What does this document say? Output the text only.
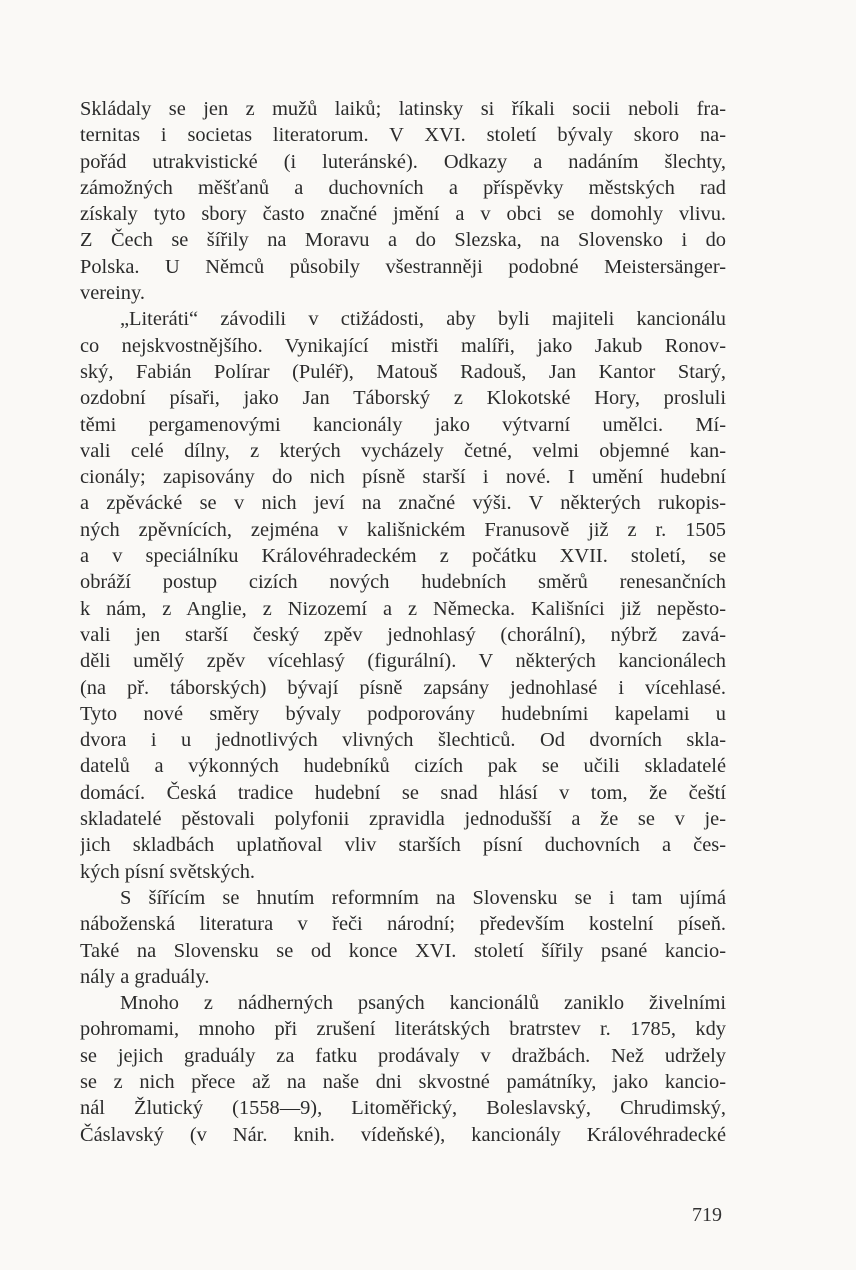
Skládaly se jen z mužů laiků; latinsky si říkali socii neboli fra-
ternitas i societas literatorum. V XVI. století bývaly skoro na-
pořád utrakvistické (i luteránské). Odkazy a nadáním šlechty,
zámožných měšťanů a duchovních a příspěvky městských rad
získaly tyto sbory často značné jmění a v obci se domohly vlivu.
Z Čech se šířily na Moravu a do Slezska, na Slovensko i do
Polska. U Němců působily všestranněji podobné Meistersänger-
vereiny.
„Literáti“ závodili v ctižádosti, aby byli majiteli kancionálu
co nejskvostnějšího. Vynikající mistři malíři, jako Jakub Ronov-
ský, Fabián Polírar (Puléř), Matouš Radouš, Jan Kantor Starý,
ozdobní písaři, jako Jan Táborský z Klokotské Hory, prosluli
těmi pergamenovými kancionály jako výtvarní umělci. Mí-
vali celé dílny, z kterých vycházely četné, velmi objemné kan-
cionály; zapisovány do nich písně starší i nové. I umění hudební
a zpěvácké se v nich jeví na značné výši. V některých rukopis-
ných zpěvnících, zejména v kališnickém Franusově již z r. 1505
a v speciálníku Královéhradeckém z počátku XVII. století, se
obráží postup cizích nových hudebních směrů renesančních
k nám, z Anglie, z Nizozemí a z Německa. Kališníci již nepěsto-
vali jen starší český zpěv jednohlasý (chorální), nýbrž zavá-
děli umělý zpěv vícehlasý (figurální). V některých kancionálech
(na př. táborských) bývají písně zapsány jednohlasé i vícehlasé.
Tyto nové směry bývaly podporovány hudebními kapelami u
dvora i u jednotlivých vlivných šlechticů. Od dvorních skla-
datelů a výkonných hudebníků cizích pak se učili skladatelé
domácí. Česká tradice hudební se snad hlásí v tom, že čeští
skladatelé pěstovali polyfonii zpravidla jednodušší a že se v je-
jich skladbách uplatňoval vliv starších písní duchovních a čes-
kých písní světských.
S šířícím se hnutím reformním na Slovensku se i tam ujímá
náboženská literatura v řeči národní; především kostelní píseň.
Také na Slovensku se od konce XVI. století šířily psané kancio-
nály a graduály.
Mnoho z nádherných psaných kancionálů zaniklo živelními
pohromami, mnoho při zrušení literátských bratrstev r. 1785, kdy
se jejich graduály za fatku prodávaly v dražbách. Než udržely
se z nich přece až na naše dni skvostné památníky, jako kancio-
nál Žlutický (1558—9), Litoměřický, Boleslavský, Chrudimský,
Čáslavský (v Nár. knih. vídeňské), kancionály Královéhradecké
719
